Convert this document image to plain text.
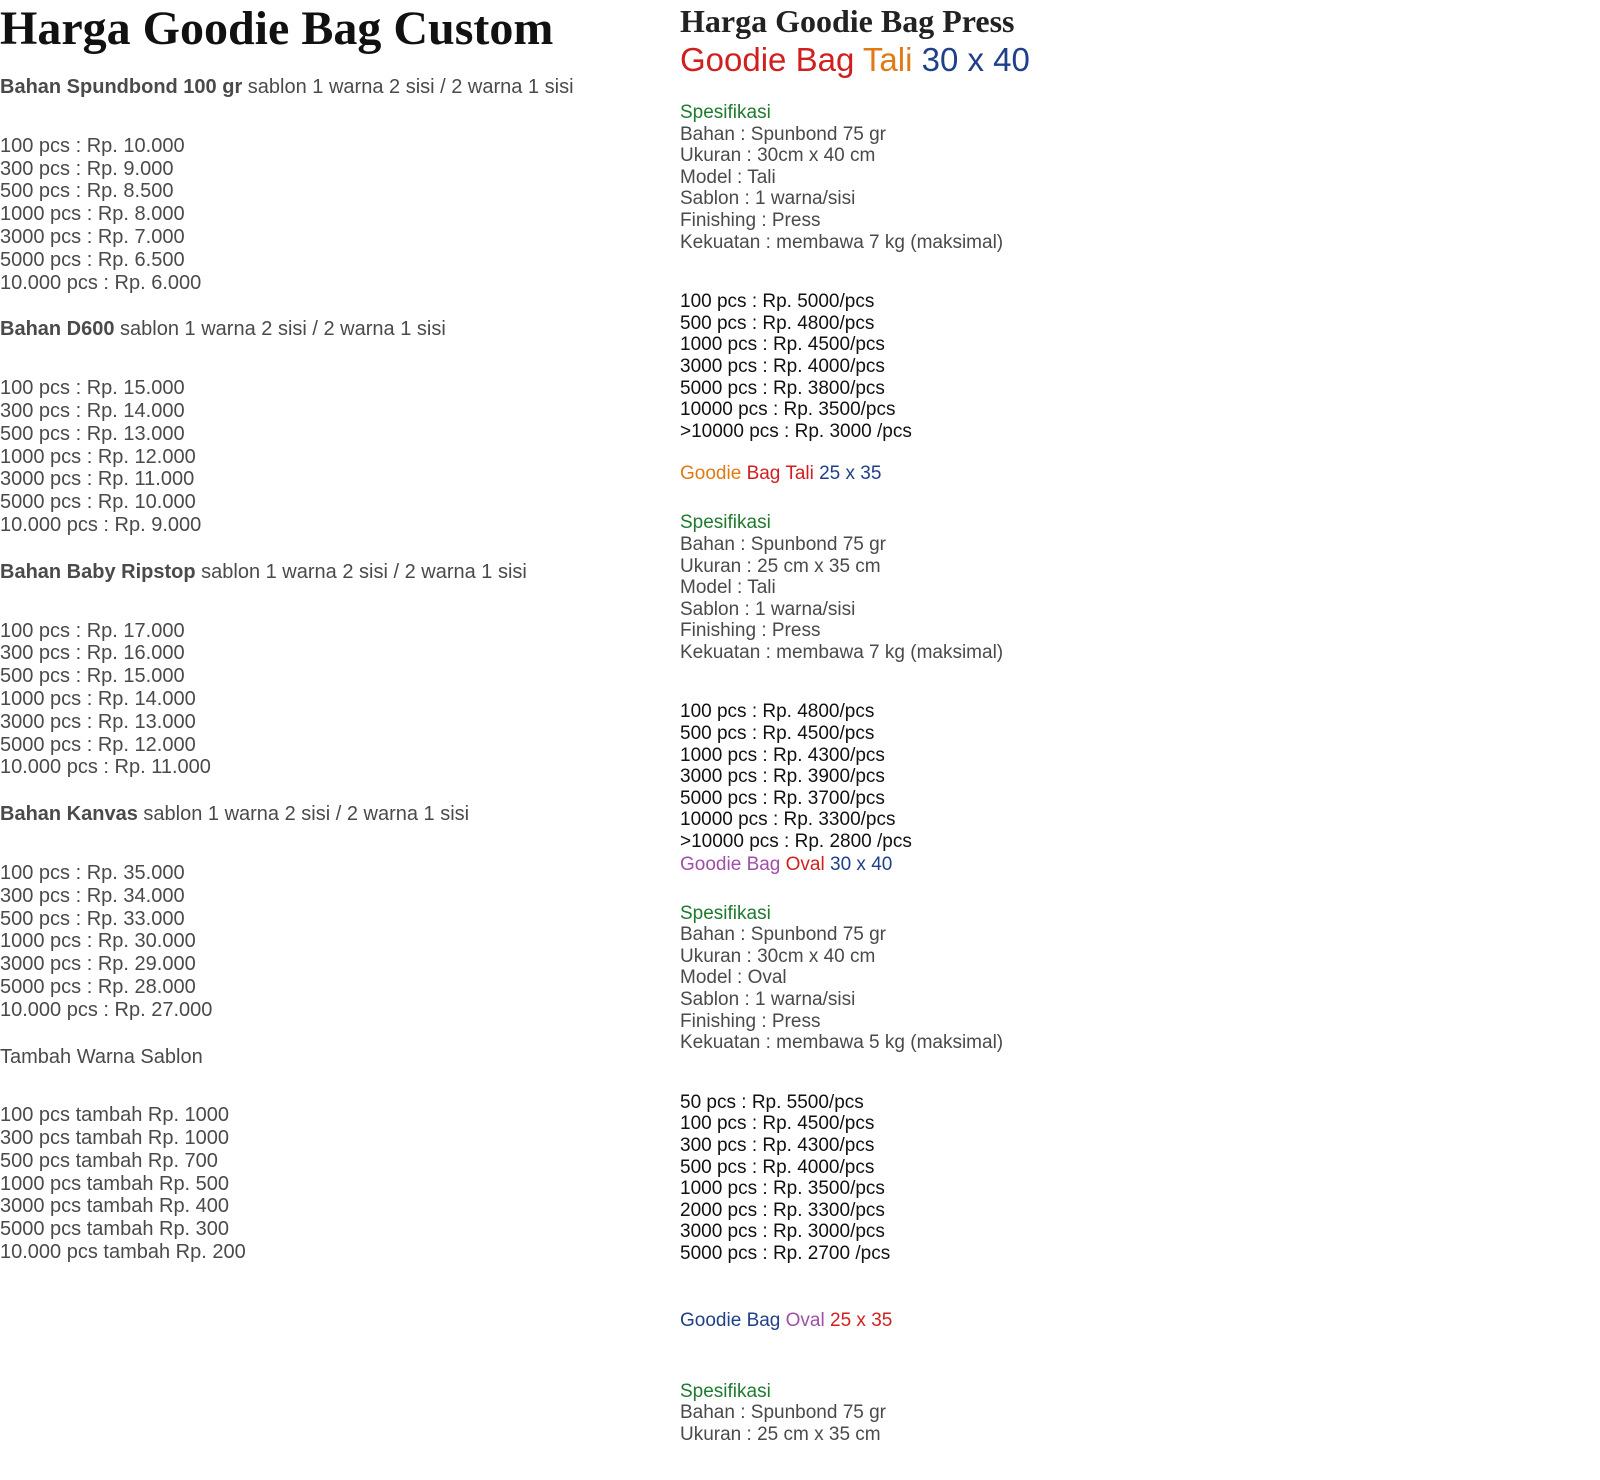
Harga Goodie Bag Custom
Bahan Spundbond 100 gr sablon 1 warna 2 sisi / 2 warna 1 sisi
100 pcs : Rp. 10.000
300 pcs : Rp. 9.000
500 pcs : Rp. 8.500
1000 pcs : Rp. 8.000
3000 pcs : Rp. 7.000
5000 pcs : Rp. 6.500
10.000 pcs : Rp. 6.000
Bahan D600 sablon 1 warna 2 sisi / 2 warna 1 sisi
100 pcs : Rp. 15.000
300 pcs : Rp. 14.000
500 pcs : Rp. 13.000
1000 pcs : Rp. 12.000
3000 pcs : Rp. 11.000
5000 pcs : Rp. 10.000
10.000 pcs : Rp. 9.000
Bahan Baby Ripstop sablon 1 warna 2 sisi / 2 warna 1 sisi
100 pcs : Rp. 17.000
300 pcs : Rp. 16.000
500 pcs : Rp. 15.000
1000 pcs : Rp. 14.000
3000 pcs : Rp. 13.000
5000 pcs : Rp. 12.000
10.000 pcs : Rp. 11.000
Bahan Kanvas sablon 1 warna 2 sisi / 2 warna 1 sisi
100 pcs : Rp. 35.000
300 pcs : Rp. 34.000
500 pcs : Rp. 33.000
1000 pcs : Rp. 30.000
3000 pcs : Rp. 29.000
5000 pcs : Rp. 28.000
10.000 pcs : Rp. 27.000
Tambah Warna Sablon
100 pcs tambah Rp. 1000
300 pcs tambah Rp. 1000
500 pcs tambah Rp. 700
1000 pcs tambah Rp. 500
3000 pcs tambah Rp. 400
5000 pcs tambah Rp. 300
10.000 pcs tambah Rp. 200
Harga Goodie Bag Press
Goodie Bag Tali 30 x 40
Spesifikasi
Bahan : Spunbond 75 gr
Ukuran : 30cm x 40 cm
Model : Tali
Sablon : 1 warna/sisi
Finishing : Press
Kekuatan : membawa 7 kg (maksimal)
100 pcs : Rp. 5000/pcs
500 pcs : Rp. 4800/pcs
1000 pcs : Rp. 4500/pcs
3000 pcs : Rp. 4000/pcs
5000 pcs : Rp. 3800/pcs
10000 pcs : Rp. 3500/pcs
>10000 pcs : Rp. 3000 /pcs
Goodie Bag Tali 25 x 35
Spesifikasi
Bahan : Spunbond 75 gr
Ukuran : 25 cm x 35 cm
Model : Tali
Sablon : 1 warna/sisi
Finishing : Press
Kekuatan : membawa 7 kg (maksimal)
100 pcs : Rp. 4800/pcs
500 pcs : Rp. 4500/pcs
1000 pcs : Rp. 4300/pcs
3000 pcs : Rp. 3900/pcs
5000 pcs : Rp. 3700/pcs
10000 pcs : Rp. 3300/pcs
>10000 pcs : Rp. 2800 /pcs
Goodie Bag Oval 30 x 40
Spesifikasi
Bahan : Spunbond 75 gr
Ukuran : 30cm x 40 cm
Model : Oval
Sablon : 1 warna/sisi
Finishing : Press
Kekuatan : membawa 5 kg (maksimal)
50 pcs : Rp. 5500/pcs
100 pcs : Rp. 4500/pcs
300 pcs : Rp. 4300/pcs
500 pcs : Rp. 4000/pcs
1000 pcs : Rp. 3500/pcs
2000 pcs : Rp. 3300/pcs
3000 pcs : Rp. 3000/pcs
5000 pcs : Rp. 2700 /pcs
Goodie Bag Oval 25 x 35
Spesifikasi
Bahan : Spunbond 75 gr
Ukuran : 25 cm x 35 cm
